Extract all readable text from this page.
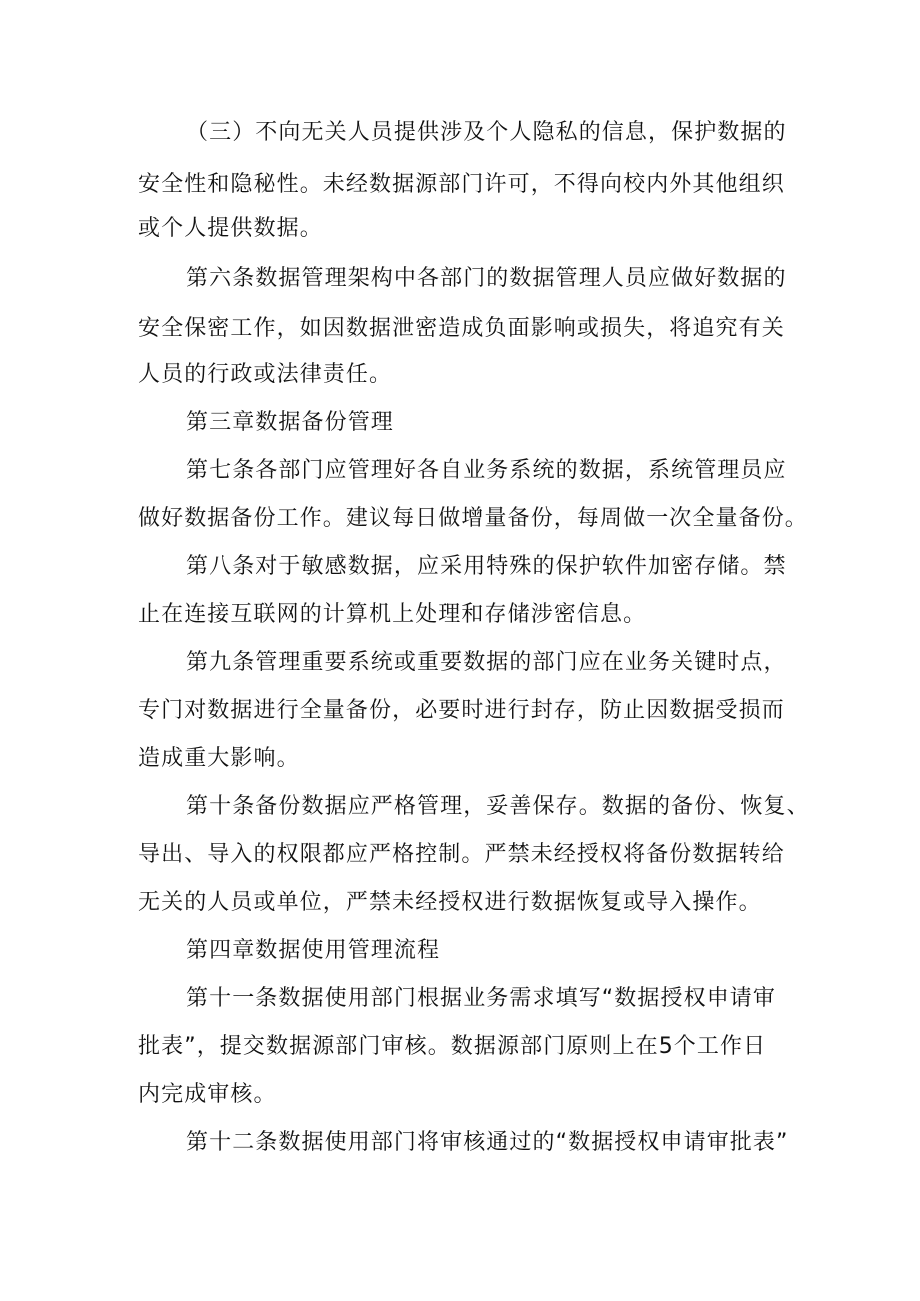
（三）不向无关人员提供涉及个人隐私的信息，保护数据的
安全性和隐秘性。未经数据源部门许可，不得向校内外其他组织
或个人提供数据。
第六条数据管理架构中各部门的数据管理人员应做好数据的
安全保密工作，如因数据泄密造成负面影响或损失，将追究有关
人员的行政或法律责任。
第三章数据备份管理
第七条各部门应管理好各自业务系统的数据，系统管理员应
做好数据备份工作。建议每日做增量备份，每周做一次全量备份。
第八条对于敏感数据，应采用特殊的保护软件加密存储。禁
止在连接互联网的计算机上处理和存储涉密信息。
第九条管理重要系统或重要数据的部门应在业务关键时点，
专门对数据进行全量备份，必要时进行封存，防止因数据受损而
造成重大影响。
第十条备份数据应严格管理，妥善保存。数据的备份、恢复、
导出、导入的权限都应严格控制。严禁未经授权将备份数据转给
无关的人员或单位，严禁未经授权进行数据恢复或导入操作。
第四章数据使用管理流程
第十一条数据使用部门根据业务需求填写“数据授权申请审
批表”，提交数据源部门审核。数据源部门原则上在5个工作日
内完成审核。
第十二条数据使用部门将审核通过的“数据授权申请审批表”
